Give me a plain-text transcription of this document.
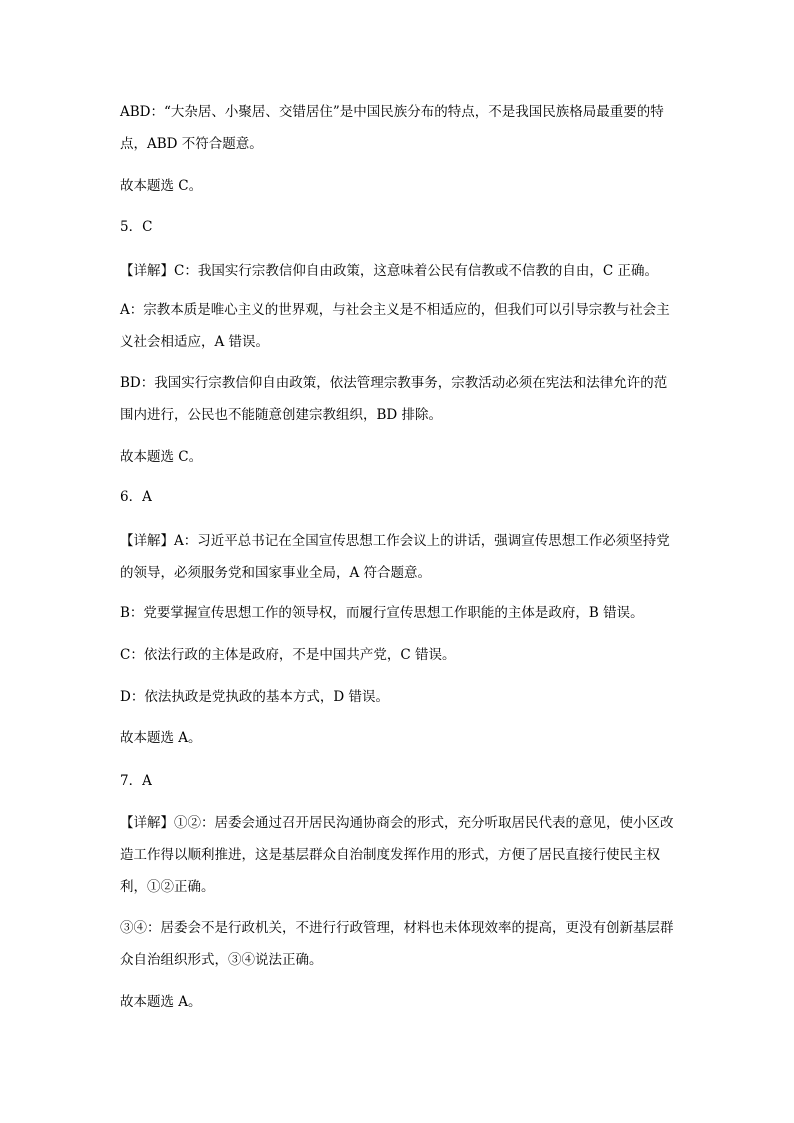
ABD：“大杂居、小聚居、交错居住”是中国民族分布的特点，不是我国民族格局最重要的特点，ABD 不符合题意。

故本题选 C。

5．C

【详解】C：我国实行宗教信仰自由政策，这意味着公民有信教或不信教的自由，C 正确。

A：宗教本质是唯心主义的世界观，与社会主义是不相适应的，但我们可以引导宗教与社会主义社会相适应，A 错误。

BD：我国实行宗教信仰自由政策，依法管理宗教事务，宗教活动必须在宪法和法律允许的范围内进行，公民也不能随意创建宗教组织，BD 排除。

故本题选 C。

6．A

【详解】A：习近平总书记在全国宣传思想工作会议上的讲话，强调宣传思想工作必须坚持党的领导，必须服务党和国家事业全局，A 符合题意。

B：党要掌握宣传思想工作的领导权，而履行宣传思想工作职能的主体是政府，B 错误。

C：依法行政的主体是政府，不是中国共产党，C 错误。

D：依法执政是党执政的基本方式，D 错误。

故本题选 A。

7．A

【详解】①②：居委会通过召开居民沟通协商会的形式，充分听取居民代表的意见，使小区改造工作得以顺利推进，这是基层群众自治制度发挥作用的形式，方便了居民直接行使民主权利，①②正确。

③④：居委会不是行政机关，不进行行政管理，材料也未体现效率的提高，更没有创新基层群众自治组织形式，③④说法正确。

故本题选 A。
